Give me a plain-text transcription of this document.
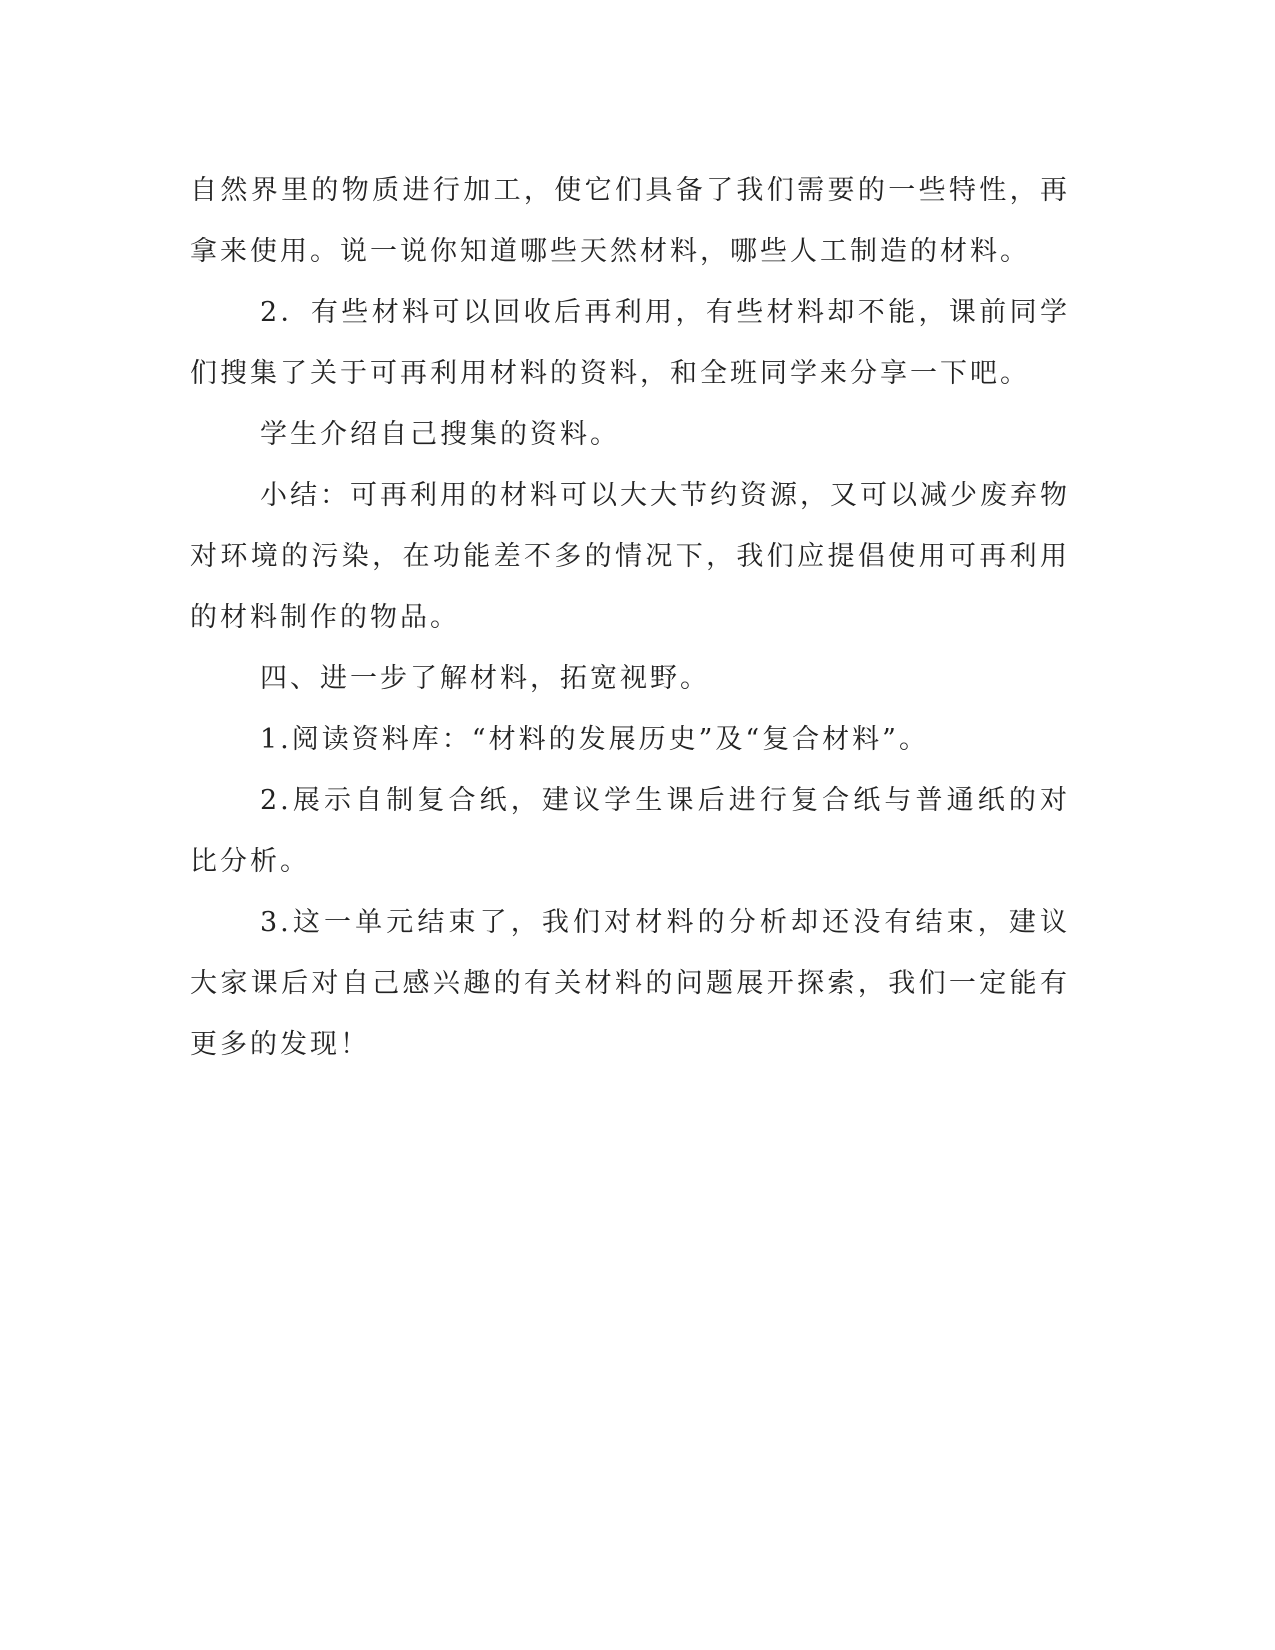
自然界里的物质进行加工，使它们具备了我们需要的一些特性，再拿来使用。说一说你知道哪些天然材料，哪些人工制造的材料。

2．有些材料可以回收后再利用，有些材料却不能，课前同学们搜集了关于可再利用材料的资料，和全班同学来分享一下吧。

学生介绍自己搜集的资料。

小结：可再利用的材料可以大大节约资源，又可以减少废弃物对环境的污染，在功能差不多的情况下，我们应提倡使用可再利用的材料制作的物品。

四、进一步了解材料，拓宽视野。

1.阅读资料库：“材料的发展历史”及“复合材料”。

2.展示自制复合纸，建议学生课后进行复合纸与普通纸的对比分析。

3.这一单元结束了，我们对材料的分析却还没有结束，建议大家课后对自己感兴趣的有关材料的问题展开探索，我们一定能有更多的发现！
